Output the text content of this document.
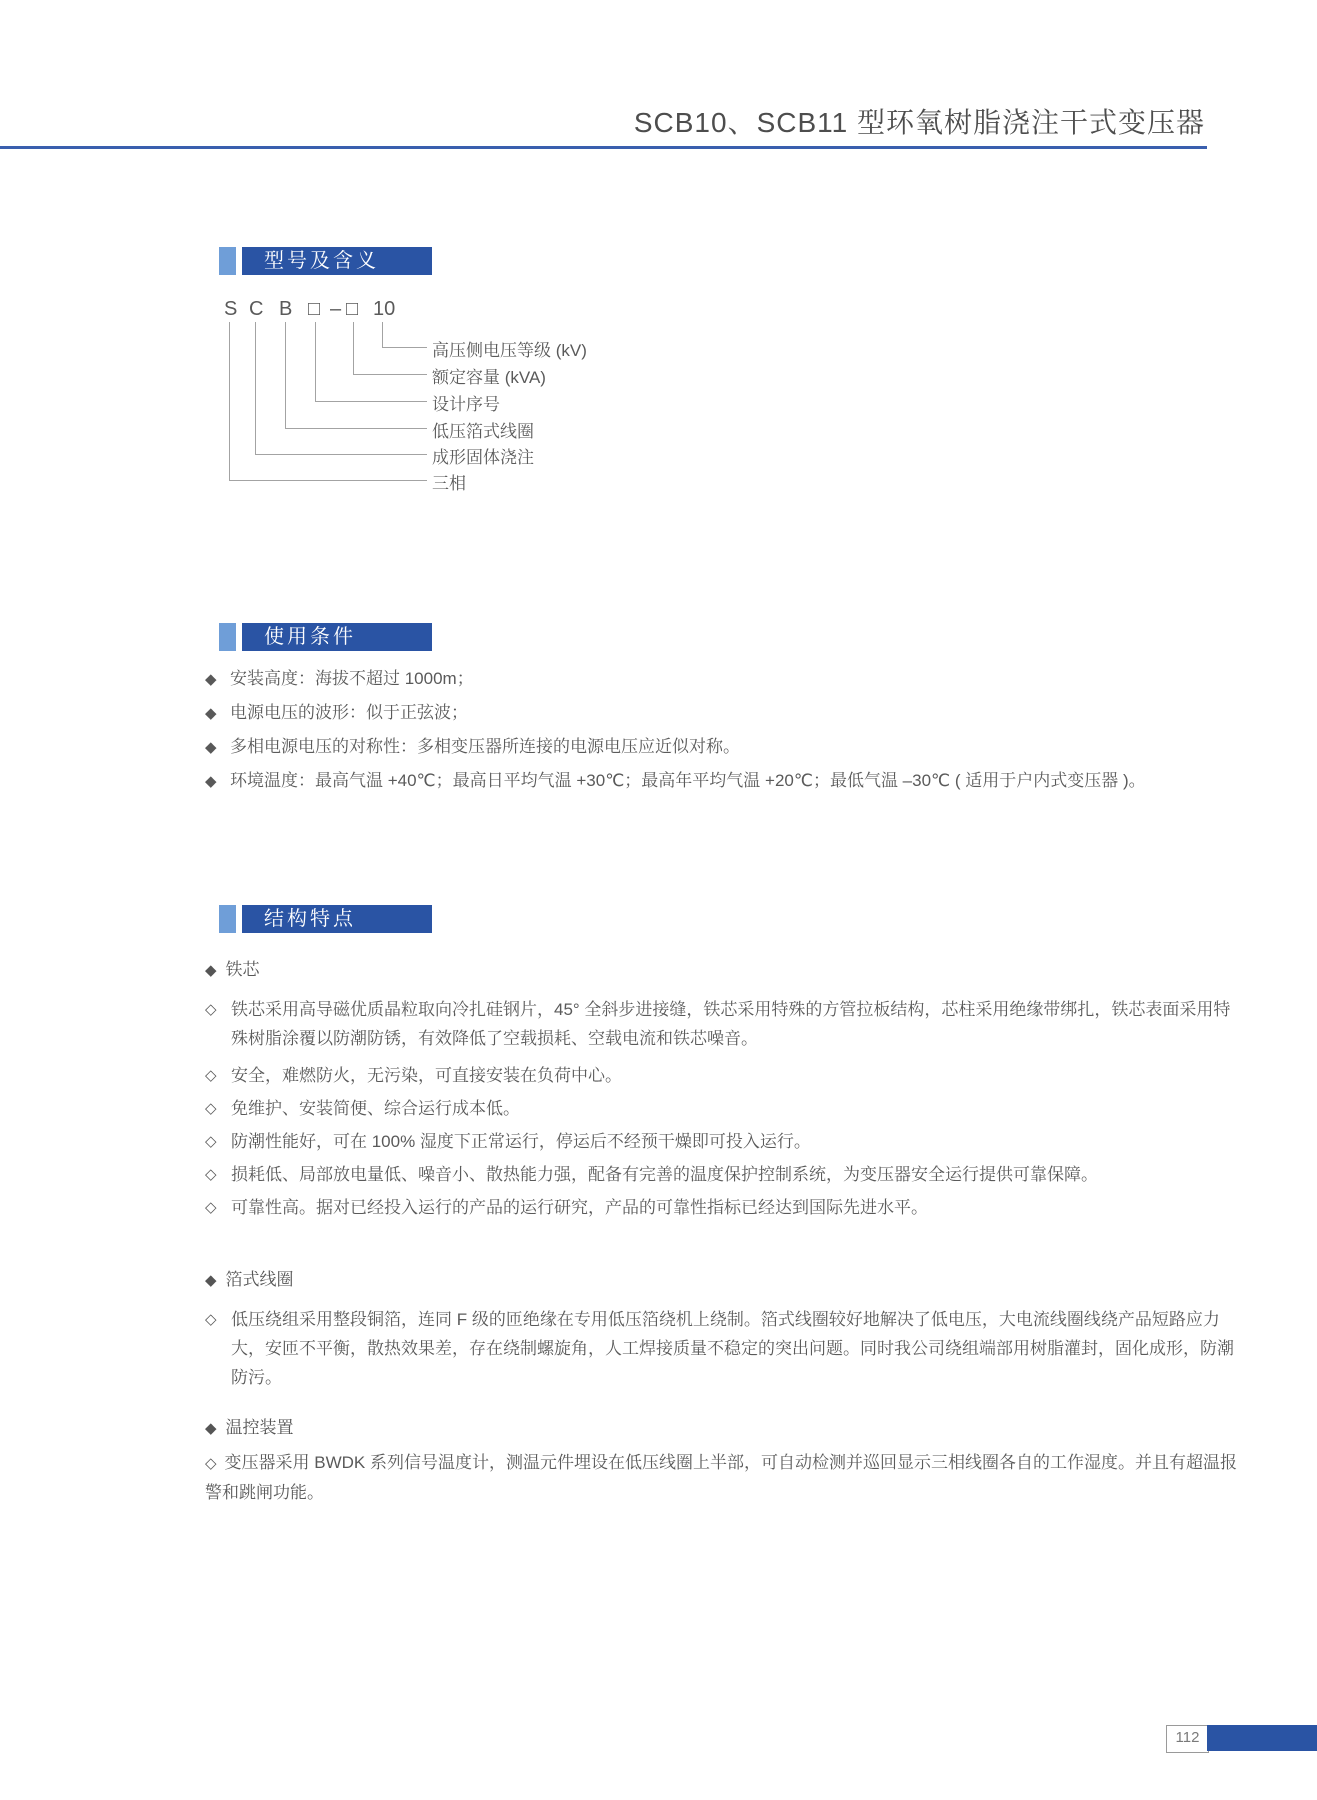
SCB10、SCB11 型环氧树脂浇注干式变压器
型号及含义
S C B □ – □ 10
高压侧电压等级 (kV)
额定容量 (kVA)
设计序号
低压箔式线圈
成形固体浇注
三相
使用条件
◆ 安装高度：海拔不超过 1000m；
◆ 电源电压的波形：似于正弦波；
◆ 多相电源电压的对称性：多相变压器所连接的电源电压应近似对称。
◆ 环境温度：最高气温 +40℃；最高日平均气温 +30℃；最高年平均气温 +20℃；最低气温 –30℃ ( 适用于户内式变压器 )。
结构特点
◆ 铁芯
◇ 铁芯采用高导磁优质晶粒取向冷扎硅钢片，45° 全斜步进接缝，铁芯采用特殊的方管拉板结构，芯柱采用绝缘带绑扎，铁芯表面采用特殊树脂涂覆以防潮防锈，有效降低了空载损耗、空载电流和铁芯噪音。
◇ 安全，难燃防火，无污染，可直接安装在负荷中心。
◇ 免维护、安装简便、综合运行成本低。
◇ 防潮性能好，可在 100% 湿度下正常运行，停运后不经预干燥即可投入运行。
◇ 损耗低、局部放电量低、噪音小、散热能力强，配备有完善的温度保护控制系统，为变压器安全运行提供可靠保障。
◇ 可靠性高。据对已经投入运行的产品的运行研究，产品的可靠性指标已经达到国际先进水平。
◆ 箔式线圈
◇ 低压绕组采用整段铜箔，连同 F 级的匝绝缘在专用低压箔绕机上绕制。箔式线圈较好地解决了低电压，大电流线圈线绕产品短路应力大，安匝不平衡，散热效果差，存在绕制螺旋角，人工焊接质量不稳定的突出问题。同时我公司绕组端部用树脂灌封，固化成形，防潮防污。
◆ 温控装置
◇ 变压器采用 BWDK 系列信号温度计，测温元件埋设在低压线圈上半部，可自动检测并巡回显示三相线圈各自的工作湿度。并且有超温报警和跳闸功能。
112
